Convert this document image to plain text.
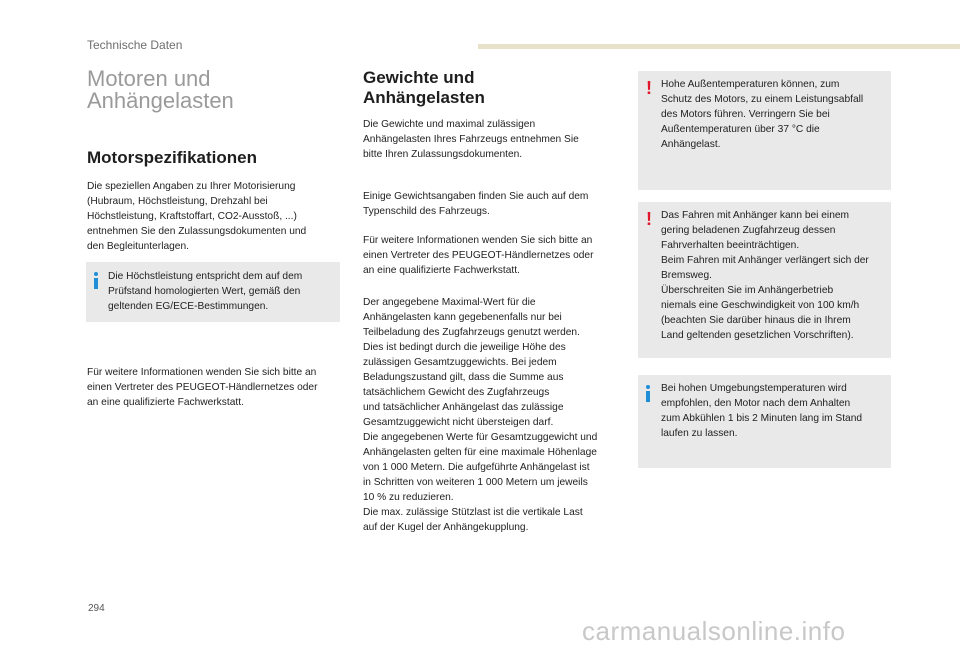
Technische Daten
Motoren und
Anhängelasten
Motorspezifikationen

Die speziellen Angaben zu Ihrer Motorisierung
(Hubraum, Höchstleistung, Drehzahl bei
Höchstleistung, Kraftstoffart, CO2-Ausstoß, ...)
entnehmen Sie den Zulassungsdokumenten und
den Begleitunterlagen.

Die Höchstleistung entspricht dem auf dem
Prüfstand homologierten Wert, gemäß den
geltenden EG/ECE-Bestimmungen.

Für weitere Informationen wenden Sie sich bitte an
einen Vertreter des PEUGEOT-Händlernetzes oder
an eine qualifizierte Fachwerkstatt.

Gewichte und
Anhängelasten

Die Gewichte und maximal zulässigen
Anhängelasten Ihres Fahrzeugs entnehmen Sie
bitte Ihren Zulassungsdokumenten.

Einige Gewichtsangaben finden Sie auch auf dem
Typenschild des Fahrzeugs.

Für weitere Informationen wenden Sie sich bitte an
einen Vertreter des PEUGEOT-Händlernetzes oder
an eine qualifizierte Fachwerkstatt.

Der angegebene Maximal-Wert für die
Anhängelasten kann gegebenenfalls nur bei
Teilbeladung des Zugfahrzeugs genutzt werden.
Dies ist bedingt durch die jeweilige Höhe des
zulässigen Gesamtzuggewichts. Bei jedem
Beladungszustand gilt, dass die Summe aus
tatsächlichem Gewicht des Zugfahrzeugs
und tatsächlicher Anhängelast das zulässige
Gesamtzuggewicht nicht übersteigen darf.
Die angegebenen Werte für Gesamtzuggewicht und
Anhängelasten gelten für eine maximale Höhenlage
von 1 000 Metern. Die aufgeführte Anhängelast ist
in Schritten von weiteren 1 000 Metern um jeweils
10 % zu reduzieren.
Die max. zulässige Stützlast ist die vertikale Last
auf der Kugel der Anhängekupplung.

! Hohe Außentemperaturen können, zum
Schutz des Motors, zu einem Leistungsabfall
des Motors führen. Verringern Sie bei
Außentemperaturen über 37 °C die
Anhängelast.

! Das Fahren mit Anhänger kann bei einem
gering beladenen Zugfahrzeug dessen
Fahrverhalten beeinträchtigen.
Beim Fahren mit Anhänger verlängert sich der
Bremsweg.
Überschreiten Sie im Anhängerbetrieb
niemals eine Geschwindigkeit von 100 km/h
(beachten Sie darüber hinaus die in Ihrem
Land geltenden gesetzlichen Vorschriften).

Bei hohen Umgebungstemperaturen wird
empfohlen, den Motor nach dem Anhalten
zum Abkühlen 1 bis 2 Minuten lang im Stand
laufen zu lassen.

294
carmanualsonline.info
